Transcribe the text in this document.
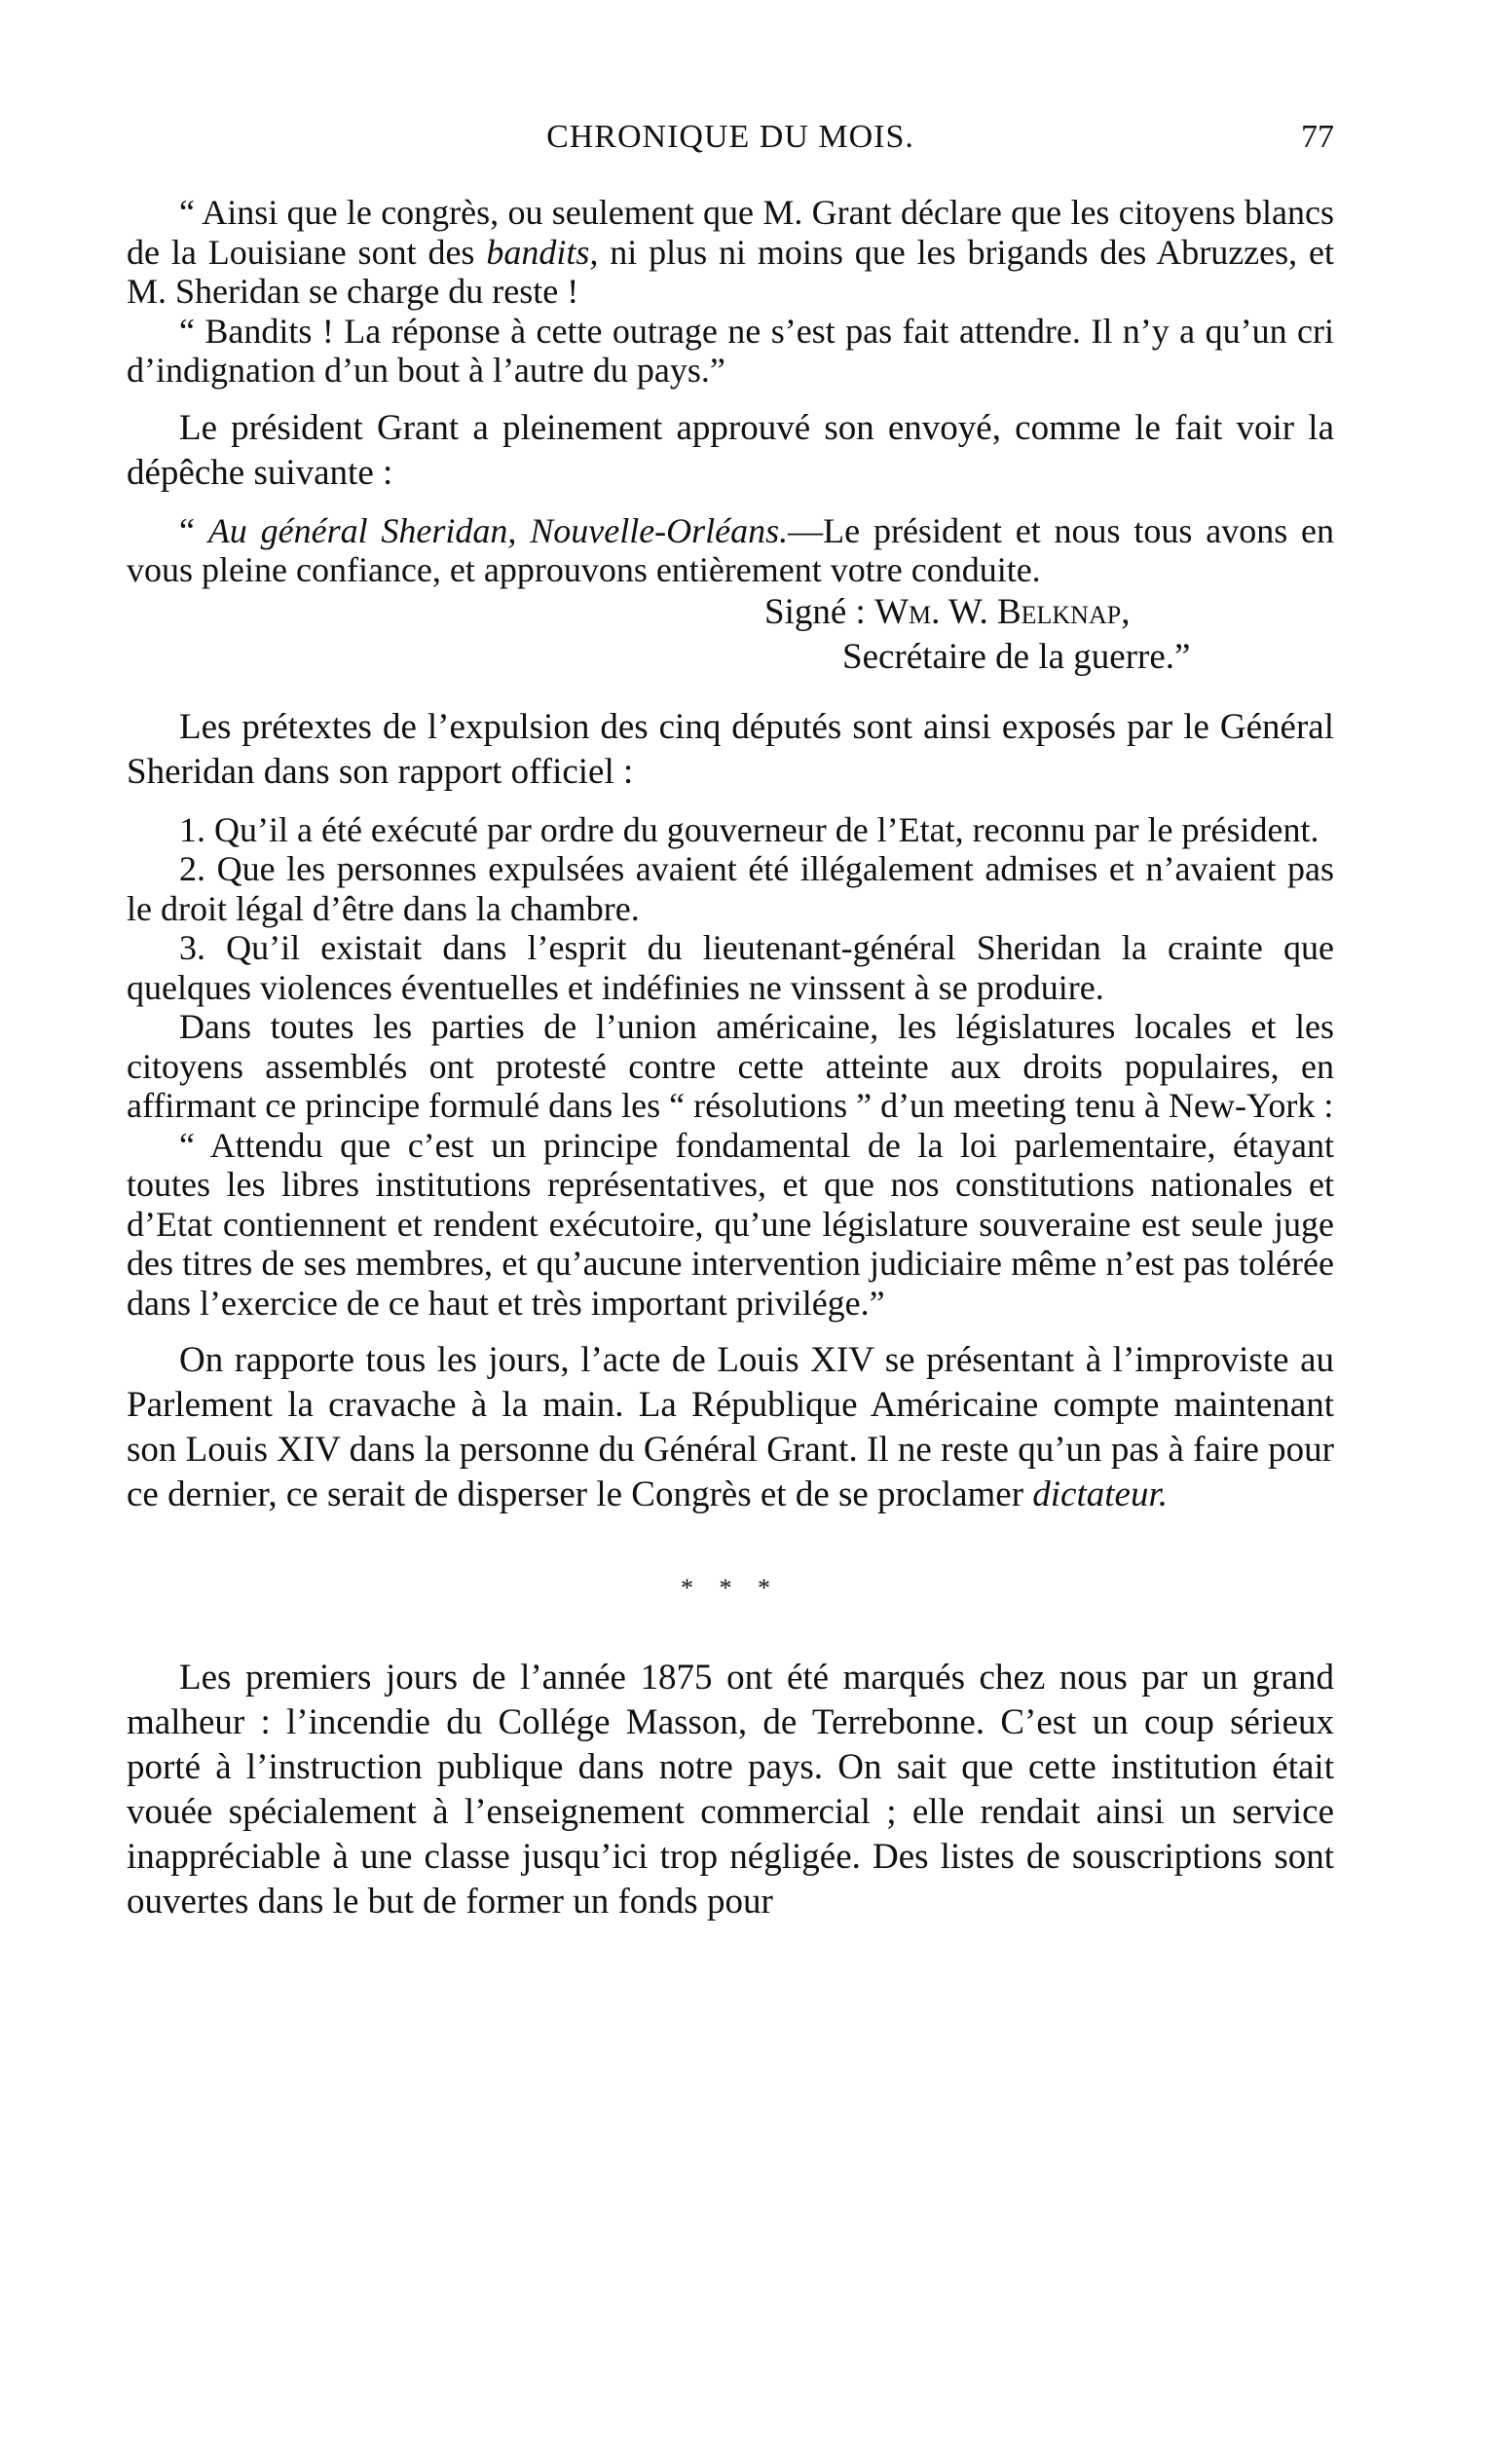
CHRONIQUE DU MOIS.	77

“ Ainsi que le congrès, ou seulement que M. Grant déclare que les citoyens blancs de la Louisiane sont des bandits, ni plus ni moins que les brigands des Abruzzes, et M. Sheridan se charge du reste !

“ Bandits ! La réponse à cette outrage ne s’est pas fait attendre. Il n’y a qu’un cri d’indignation d’un bout à l’autre du pays.”

Le président Grant a pleinement approuvé son envoyé, comme le fait voir la dépêche suivante :

“ Au général Sheridan, Nouvelle-Orléans.—Le président et nous tous avons en vous pleine confiance, et approuvons entièrement votre conduite.

Signé : Wm. W. Belknap,

Secrétaire de la guerre.”

Les prétextes de l’expulsion des cinq députés sont ainsi exposés par le Général Sheridan dans son rapport officiel :

1. Qu’il a été exécuté par ordre du gouverneur de l’Etat, reconnu par le président.

2. Que les personnes expulsées avaient été illégalement admises et n’avaient pas le droit légal d’être dans la chambre.

3. Qu’il existait dans l’esprit du lieutenant-général Sheridan la crainte que quelques violences éventuelles et indéfinies ne vinssent à se produire.

Dans toutes les parties de l’union américaine, les législatures locales et les citoyens assemblés ont protesté contre cette atteinte aux droits populaires, en affirmant ce principe formulé dans les “ résolutions ” d’un meeting tenu à New-York :

“ Attendu que c’est un principe fondamental de la loi parlementaire, étayant toutes les libres institutions représentatives, et que nos constitutions nationales et d’Etat contiennent et rendent exécutoire, qu’une législature souveraine est seule juge des titres de ses membres, et qu’aucune intervention judiciaire même n’est pas tolérée dans l’exercice de ce haut et très important privilége.”

On rapporte tous les jours, l’acte de Louis XIV se présentant à l’improviste au Parlement la cravache à la main. La République Américaine compte maintenant son Louis XIV dans la personne du Général Grant. Il ne reste qu’un pas à faire pour ce dernier, ce serait de disperser le Congrès et de se proclamer dictateur.

* * *

Les premiers jours de l’année 1875 ont été marqués chez nous par un grand malheur : l’incendie du Collége Masson, de Terrebonne. C’est un coup sérieux porté à l’instruction publique dans notre pays. On sait que cette institution était vouée spécialement à l’enseignement commercial ; elle rendait ainsi un service inappréciable à une classe jusqu’ici trop négligée. Des listes de souscriptions sont ouvertes dans le but de former un fonds pour
